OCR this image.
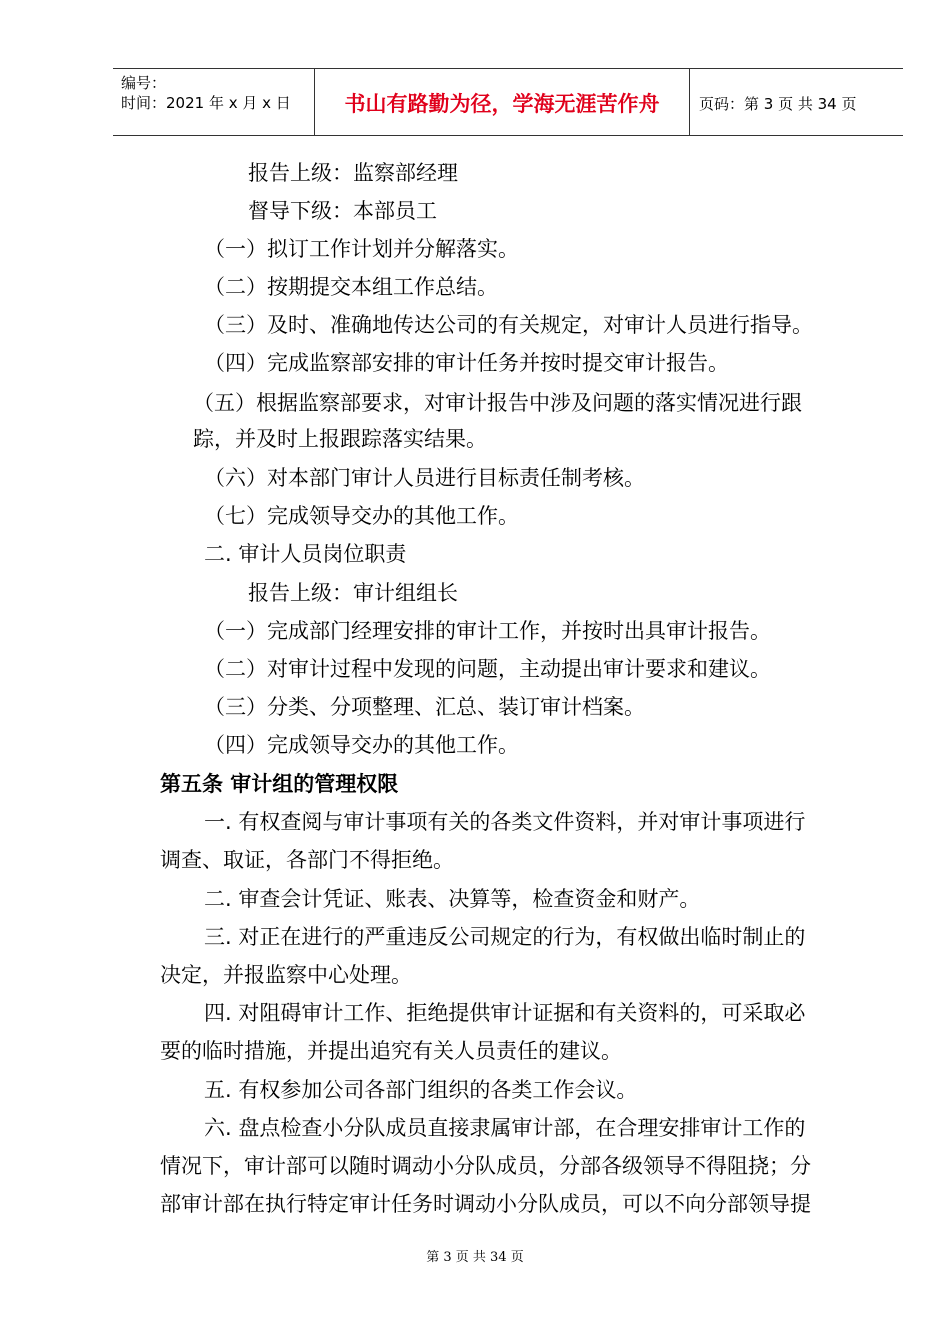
编号：
时间：2021 年 x 月 x 日	书山有路勤为径，学海无涯苦作舟	页码：第 3 页 共 34 页
报告上级：监察部经理
督导下级：本部员工
（一）拟订工作计划并分解落实。
（二）按期提交本组工作总结。
（三）及时、准确地传达公司的有关规定，对审计人员进行指导。
（四）完成监察部安排的审计任务并按时提交审计报告。
（五）根据监察部要求，对审计报告中涉及问题的落实情况进行跟
踪，并及时上报跟踪落实结果。
（六）对本部门审计人员进行目标责任制考核。
（七）完成领导交办的其他工作。
二. 审计人员岗位职责
报告上级：审计组组长
（一）完成部门经理安排的审计工作，并按时出具审计报告。
（二）对审计过程中发现的问题，主动提出审计要求和建议。
（三）分类、分项整理、汇总、装订审计档案。
（四）完成领导交办的其他工作。
第五条 审计组的管理权限
一. 有权查阅与审计事项有关的各类文件资料，并对审计事项进行
调查、取证，各部门不得拒绝。
二. 审查会计凭证、账表、决算等，检查资金和财产。
三. 对正在进行的严重违反公司规定的行为，有权做出临时制止的
决定，并报监察中心处理。
四. 对阻碍审计工作、拒绝提供审计证据和有关资料的，可采取必
要的临时措施，并提出追究有关人员责任的建议。
五. 有权参加公司各部门组织的各类工作会议。
六. 盘点检查小分队成员直接隶属审计部，在合理安排审计工作的
情况下，审计部可以随时调动小分队成员，分部各级领导不得阻挠；分
部审计部在执行特定审计任务时调动小分队成员，可以不向分部领导提
第 3 页 共 34 页
